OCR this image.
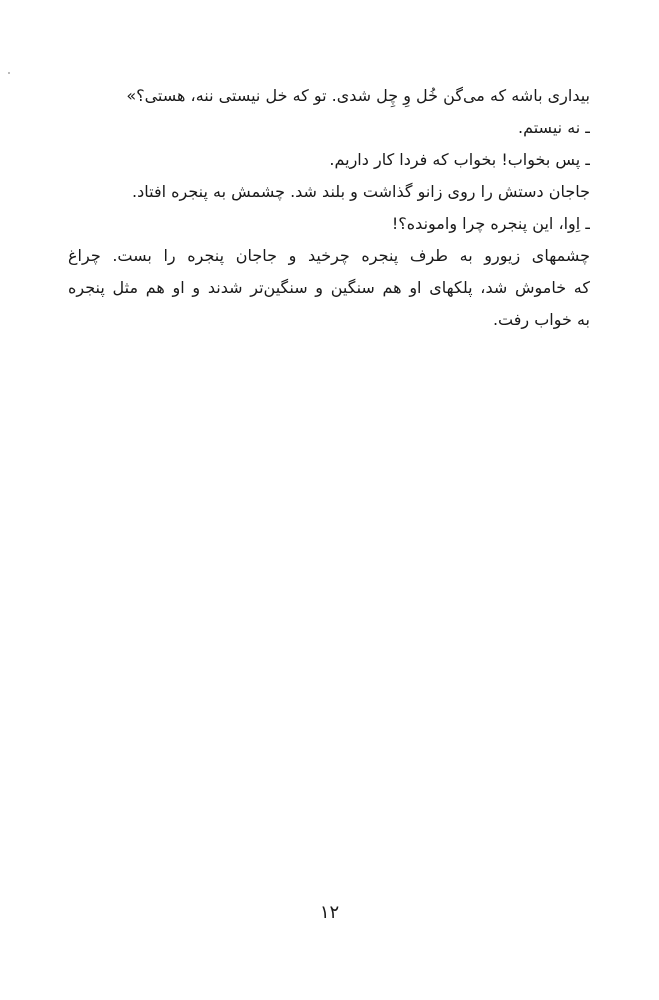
بیداری باشه که می‌گن خُل وِ چِل شدی. تو که خل نیستی ننه، هستی؟»
ـ نه نیستم.
ـ پس بخواب! بخواب که فردا کار داریم.
جاجان دستش را روی زانو گذاشت و بلند شد. چشمش به پنجره افتاد.
ـ اِوا، این پنجره چرا وامونده؟!
چشمهای زیورو به طرف پنجره چرخید و جاجان پنجره را بست. چراغ
که خاموش شد، پلکهای او هم سنگین و سنگین‌تر شدند و او هم مثل پنجره
به خواب رفت.
۱۲
